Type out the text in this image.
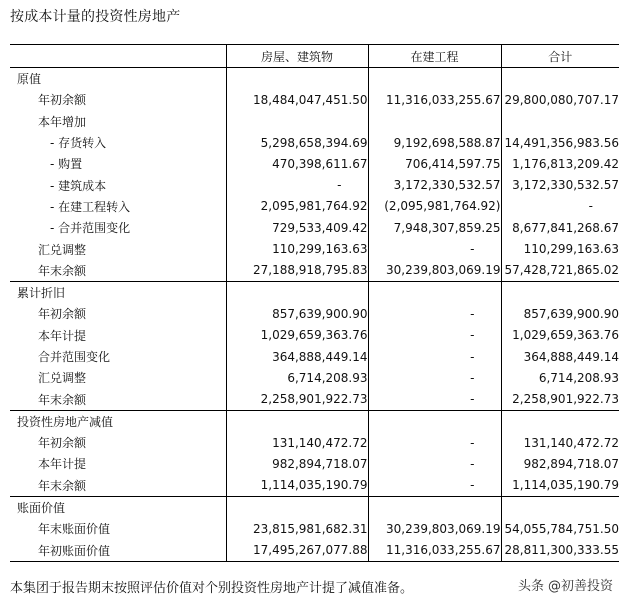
按成本计量的投资性房地产
	房屋、建筑物	在建工程	合计
原值			
年初余额	18,484,047,451.50	11,316,033,255.67	29,800,080,707.17
本年增加			
- 存货转入	5,298,658,394.69	9,192,698,588.87	14,491,356,983.56
- 购置	470,398,611.67	706,414,597.75	1,176,813,209.42
- 建筑成本	-	3,172,330,532.57	3,172,330,532.57
- 在建工程转入	2,095,981,764.92	(2,095,981,764.92)	-
- 合并范围变化	729,533,409.42	7,948,307,859.25	8,677,841,268.67
汇兑调整	110,299,163.63	-	110,299,163.63
年末余额	27,188,918,795.83	30,239,803,069.19	57,428,721,865.02
累计折旧			
年初余额	857,639,900.90	-	857,639,900.90
本年计提	1,029,659,363.76	-	1,029,659,363.76
合并范围变化	364,888,449.14	-	364,888,449.14
汇兑调整	6,714,208.93	-	6,714,208.93
年末余额	2,258,901,922.73	-	2,258,901,922.73
投资性房地产减值			
年初余额	131,140,472.72	-	131,140,472.72
本年计提	982,894,718.07	-	982,894,718.07
年末余额	1,114,035,190.79	-	1,114,035,190.79
账面价值			
年末账面价值	23,815,981,682.31	30,239,803,069.19	54,055,784,751.50
年初账面价值	17,495,267,077.88	11,316,033,255.67	28,811,300,333.55
本集团于报告期末按照评估价值对个别投资性房地产计提了减值准备。	头条 @初善投资
